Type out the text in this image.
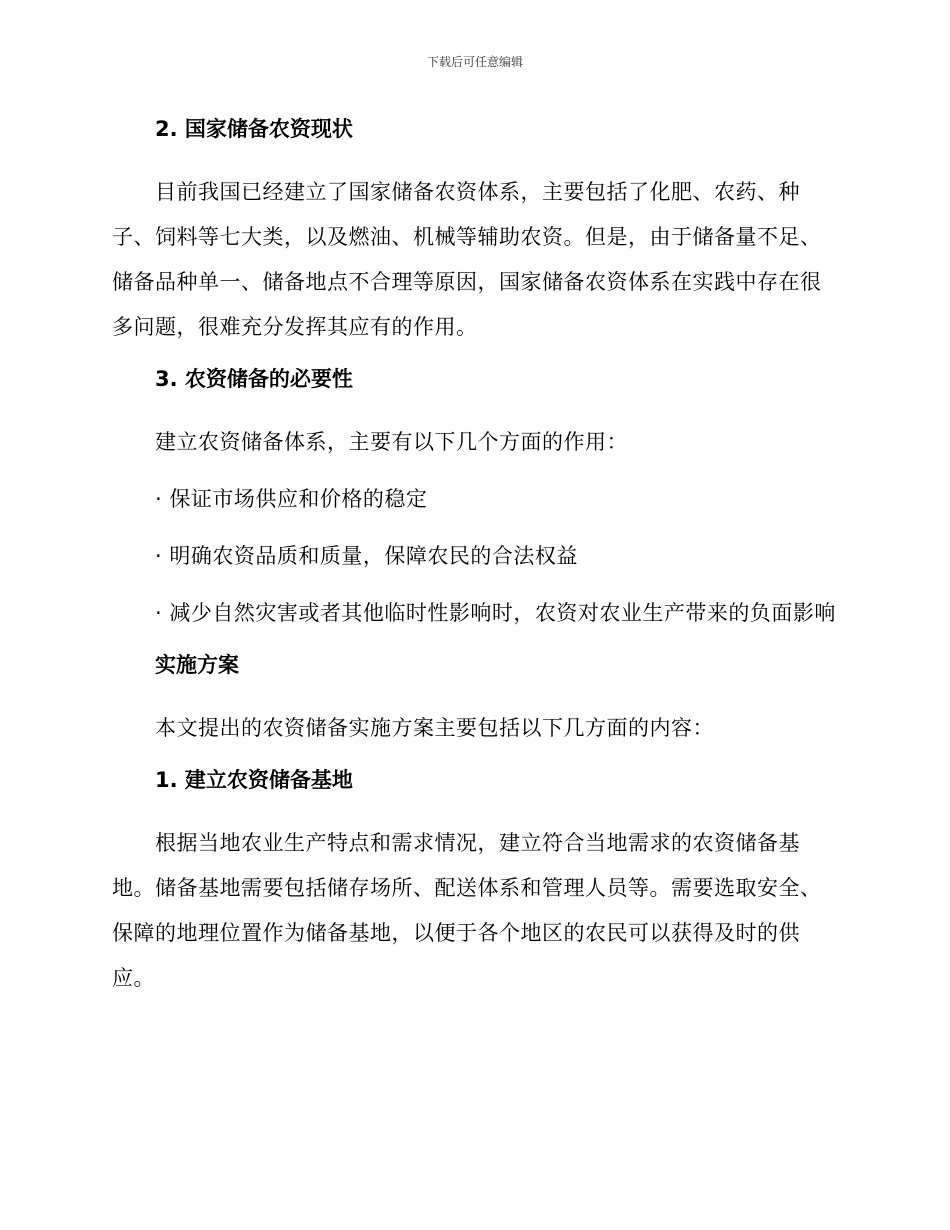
下载后可任意编辑
2. 国家储备农资现状

目前我国已经建立了国家储备农资体系，主要包括了化肥、农药、种子、饲料等七大类，以及燃油、机械等辅助农资。但是，由于储备量不足、储备品种单一、储备地点不合理等原因，国家储备农资体系在实践中存在很多问题，很难充分发挥其应有的作用。

3. 农资储备的必要性

建立农资储备体系，主要有以下几个方面的作用：

· 保证市场供应和价格的稳定

· 明确农资品质和质量，保障农民的合法权益

· 减少自然灾害或者其他临时性影响时，农资对农业生产带来的负面影响

实施方案

本文提出的农资储备实施方案主要包括以下几方面的内容：

1. 建立农资储备基地

根据当地农业生产特点和需求情况，建立符合当地需求的农资储备基地。储备基地需要包括储存场所、配送体系和管理人员等。需要选取安全、保障的地理位置作为储备基地，以便于各个地区的农民可以获得及时的供应。
